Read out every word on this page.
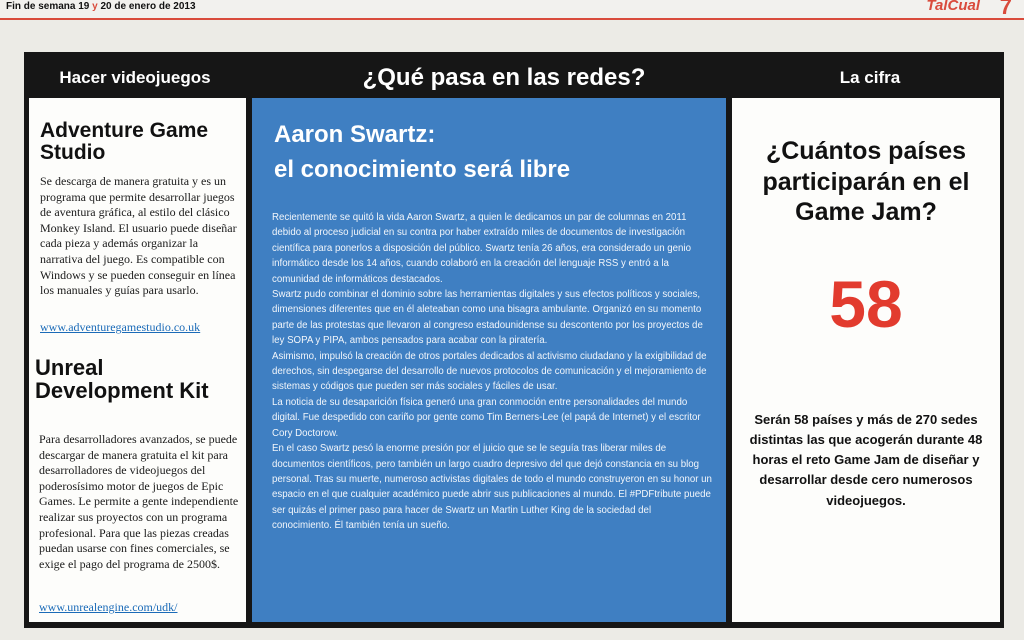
Fin de semana 19 y 20 de enero de 2013	TalCual 7
Hacer videojuegos	¿Qué pasa en las redes?	La cifra
Adventure Game Studio
Se descarga de manera gratuita y es un programa que permite desarrollar juegos de aventura gráfica, al estilo del clásico Monkey Island. El usuario puede diseñar cada pieza y además organizar la narrativa del juego. Es compatible con Windows y se pueden conseguir en línea los manuales y guías para usarlo.
www.adventuregamestudio.co.uk
Unreal Development Kit
Para desarrolladores avanzados, se puede descargar de manera gratuita el kit para desarrolladores de videojuegos del poderosísimo motor de juegos de Epic Games. Le permite a gente independiente realizar sus proyectos con un programa profesional. Para que las piezas creadas puedan usarse con fines comerciales, se exige el pago del programa de 2500$.
www.unrealengine.com/udk/
Aaron Swartz:
el conocimiento será libre

Recientemente se quitó la vida Aaron Swartz, a quien le dedicamos un par de columnas en 2011 debido al proceso judicial en su contra por haber extraído miles de documentos de investigación científica para ponerlos a disposición del público. Swartz tenía 26 años, era considerado un genio informático desde los 14 años, cuando colaboró en la creación del lenguaje RSS y entró a la comunidad de informáticos destacados.

Swartz pudo combinar el dominio sobre las herramientas digitales y sus efectos políticos y sociales, dimensiones diferentes que en él aleteaban como una bisagra ambulante. Organizó en su momento parte de las protestas que llevaron al congreso estadounidense su descontento por los proyectos de ley SOPA y PIPA, ambos pensados para acabar con la piratería.

Asimismo, impulsó la creación de otros portales dedicados al activismo ciudadano y la exigibilidad de derechos, sin despegarse del desarrollo de nuevos protocolos de comunicación y el mejoramiento de sistemas y códigos que pueden ser más sociales y fáciles de usar.

La noticia de su desaparición física generó una gran conmoción entre personalidades del mundo digital. Fue despedido con cariño por gente como Tim Berners-Lee (el papá de Internet) y el escritor Cory Doctorow.

En el caso Swartz pesó la enorme presión por el juicio que se le seguía tras liberar miles de documentos científicos, pero también un largo cuadro depresivo del que dejó constancia en su blog personal. Tras su muerte, numeroso activistas digitales de todo el mundo construyeron en su honor un espacio en el que cualquier académico puede abrir sus publicaciones al mundo. El #PDFtribute puede ser quizás el primer paso para hacer de Swartz un Martin Luther King de la sociedad del conocimiento. Él también tenía un sueño.

¿Cuántos países participarán en el Game Jam?
58
Serán 58 países y más de 270 sedes distintas las que acogerán durante 48 horas el reto Game Jam de diseñar y desarrollar desde cero numerosos videojuegos.
